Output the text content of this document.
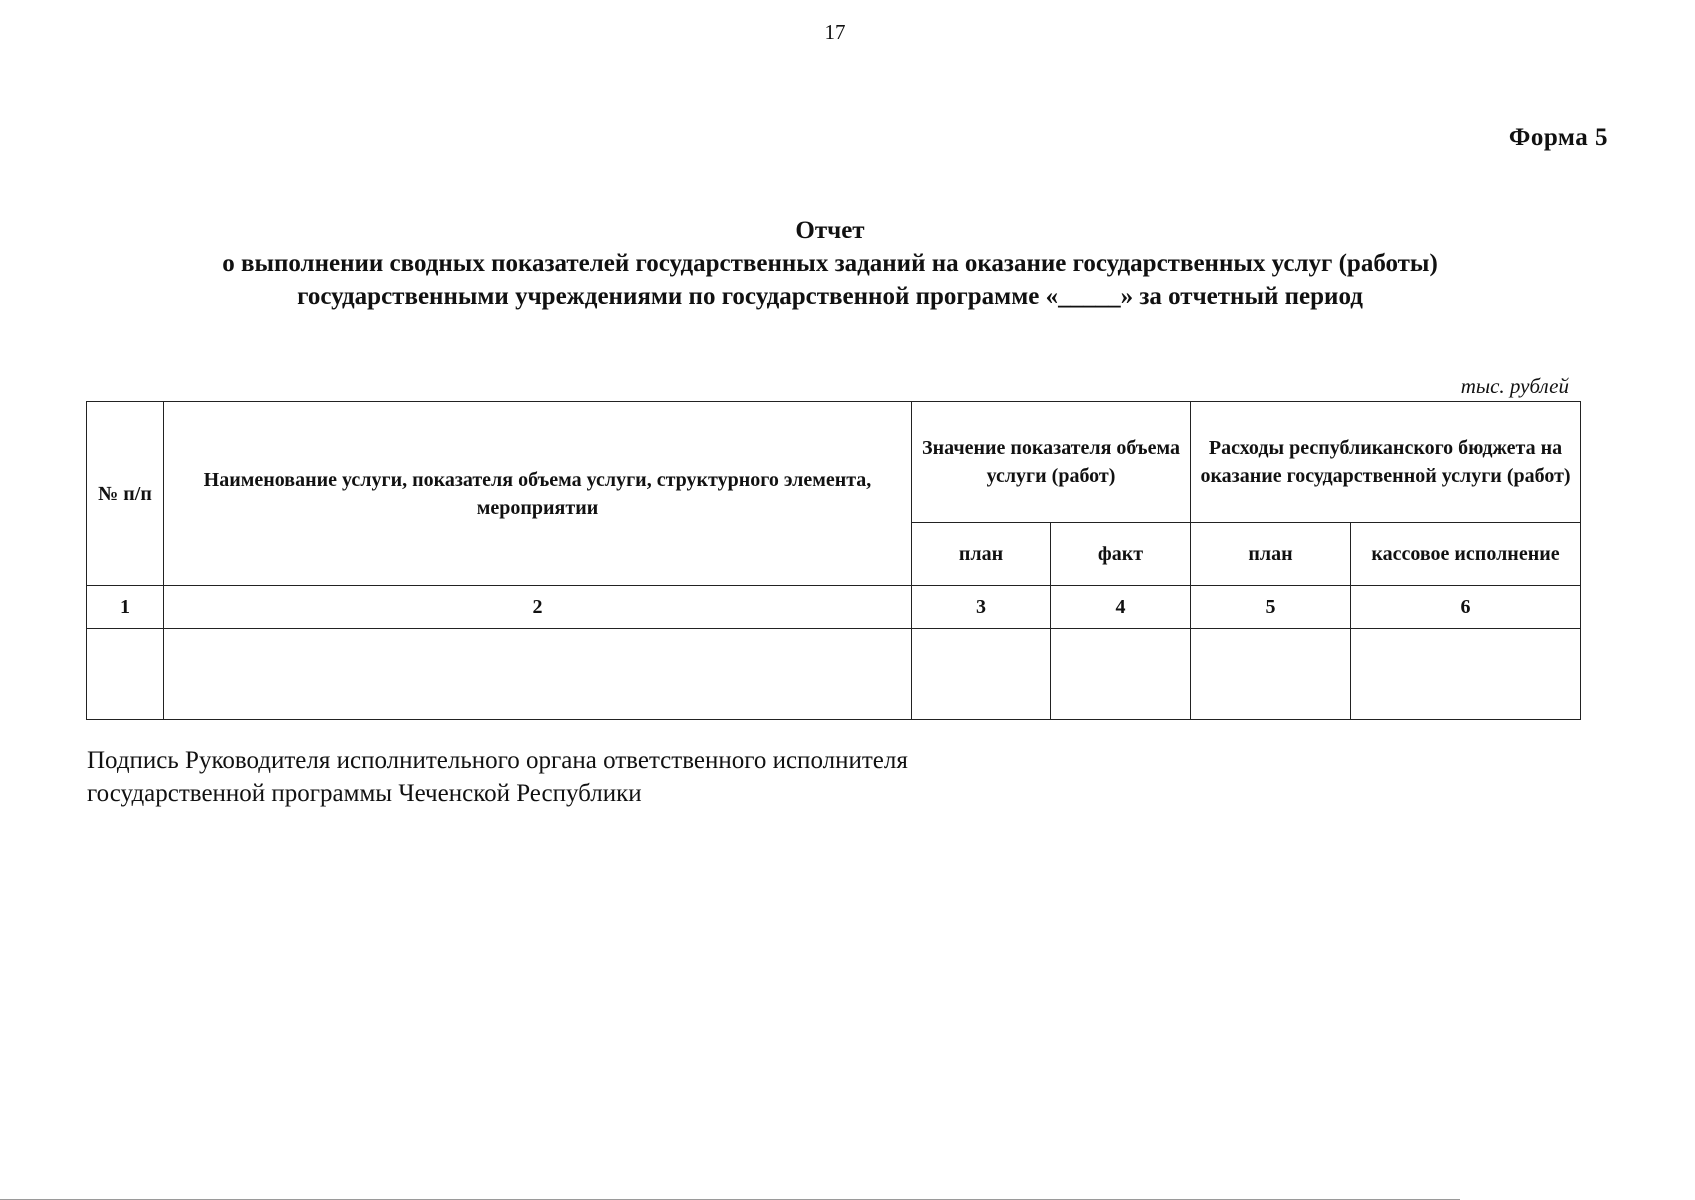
17
Форма 5
Отчет
о выполнении сводных показателей государственных заданий на оказание государственных услуг (работы)
государственными учреждениями по государственной программе «_____» за отчетный период
тыс. рублей
№ п/п	Наименование услуги, показателя объема услуги, структурного элемента, мероприятии	Значение показателя объема услуги (работ)		Расходы республиканского бюджета на оказание государственной услуги (работ)	
		план	факт	план	кассовое исполнение
1	2	3	4	5	6

Подпись Руководителя исполнительного органа ответственного исполнителя
государственной программы Чеченской Республики
